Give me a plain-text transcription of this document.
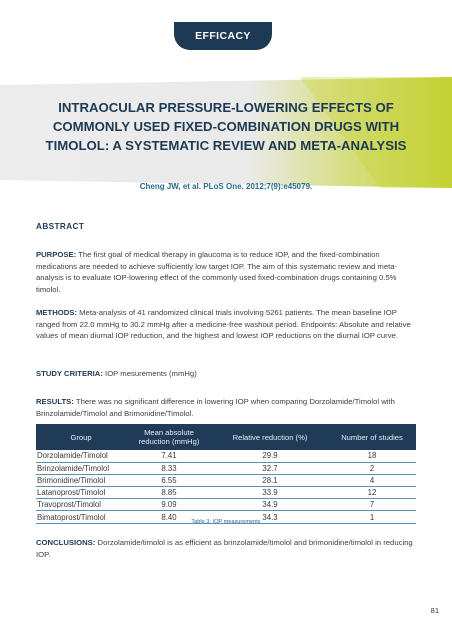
EFFICACY
INTRAOCULAR PRESSURE-LOWERING EFFECTS OF
COMMONLY USED FIXED-COMBINATION DRUGS WITH
TIMOLOL: A SYSTEMATIC REVIEW AND META-ANALYSIS
Cheng JW, et al. PLoS One. 2012;7(9):e45079.
ABSTRACT

PURPOSE: The first goal of medical therapy in glaucoma is to reduce IOP, and the fixed-combination medications are needed to achieve sufficiently low target IOP. The aim of this systematic review and meta-analysis is to evaluate IOP-lowering effect of the commonly used fixed-combination drugs containing 0.5% timolol.

METHODS: Meta-analysis of 41 randomized clinical trials involving 5261 patients. The mean baseline IOP ranged from 22.0 mmHg to 30.2 mmHg after a medicine-free washout period. Endpoints: Absolute and relative values of mean diurnal IOP reduction, and the highest and lowest IOP reductions on the diurnal IOP curve.

STUDY CRITERIA: IOP mesurements (mmHg)

RESULTS: There was no significant difference in lowering IOP when comparing Dorzolamide/Timolol with Brinzolamide/Timolol and Brimonidine/Timolol.

Group	Mean absolute reduction (mmHg)	Relative reduction (%)	Number of studies
Dorzolamide/Timolol	7.41	29.9	18
Brinzolamide/Timolol	8.33	32.7	2
Brimonidine/Timolol	6.55	28.1	4
Latanoprost/Timolol	8.85	33.9	12
Travoprost/Timolol	9.09	34.9	7
Bimatoprost/Timolol	8.40	34.3	1
Table 3: IOP measurements

CONCLUSIONS: Dorzolamide/timolol is as efficient as brinzolamide/timolol and brimonidine/timolol in reducing IOP.

81
